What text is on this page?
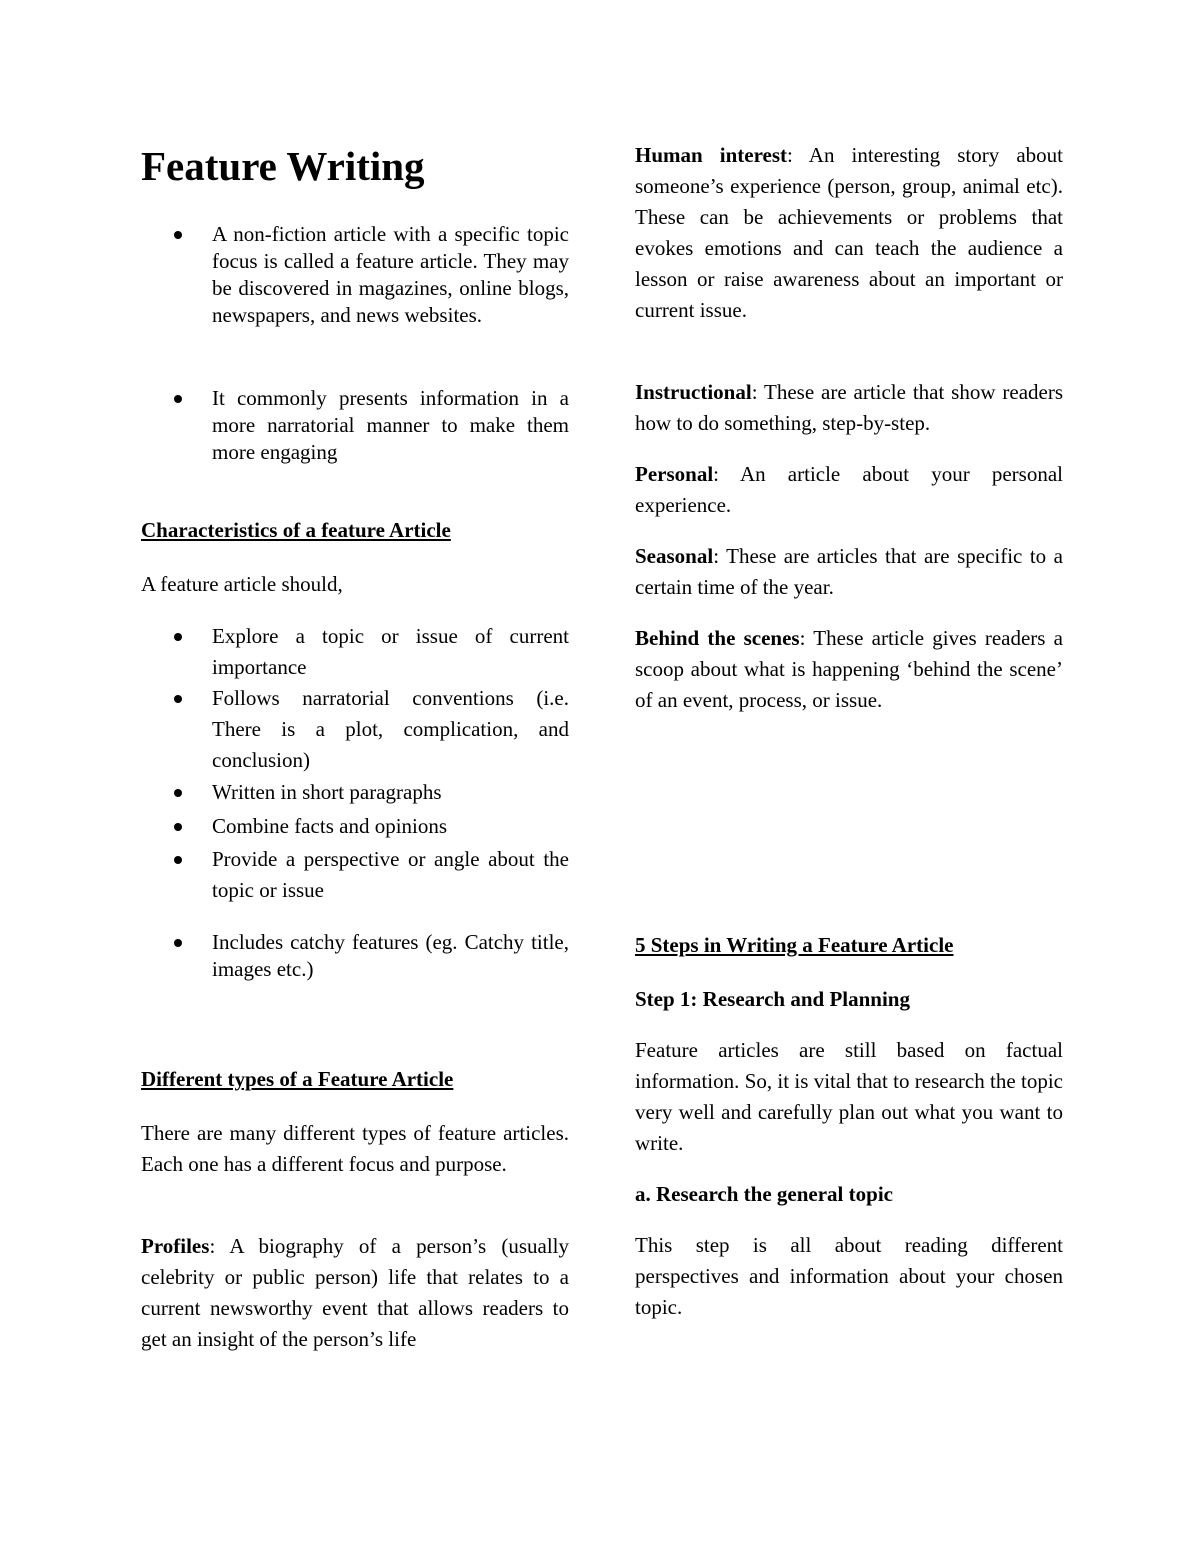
Feature Writing
A non-fiction article with a specific topic focus is called a feature article. They may be discovered in magazines, online blogs, newspapers, and news websites.
It commonly presents information in a more narratorial manner to make them more engaging

Characteristics of a feature Article

A feature article should,

Explore a topic or issue of current importance
Follows narratorial conventions (i.e. There is a plot, complication, and conclusion)
Written in short paragraphs
Combine facts and opinions
Provide a perspective or angle about the topic or issue
Includes catchy features (eg. Catchy title, images etc.)

Different types of a Feature Article

There are many different types of feature articles. Each one has a different focus and purpose.

Profiles: A biography of a person’s (usually celebrity or public person) life that relates to a current newsworthy event that allows readers to get an insight of the person’s life

Human interest: An interesting story about someone’s experience (person, group, animal etc). These can be achievements or problems that evokes emotions and can teach the audience a lesson or raise awareness about an important or current issue.

Instructional: These are article that show readers how to do something, step-by-step.

Personal: An article about your personal experience.

Seasonal: These are articles that are specific to a certain time of the year.

Behind the scenes: These article gives readers a scoop about what is happening ‘behind the scene’ of an event, process, or issue.

5 Steps in Writing a Feature Article

Step 1: Research and Planning

Feature articles are still based on factual information. So, it is vital that to research the topic very well and carefully plan out what you want to write.

a. Research the general topic

This step is all about reading different perspectives and information about your chosen topic.
